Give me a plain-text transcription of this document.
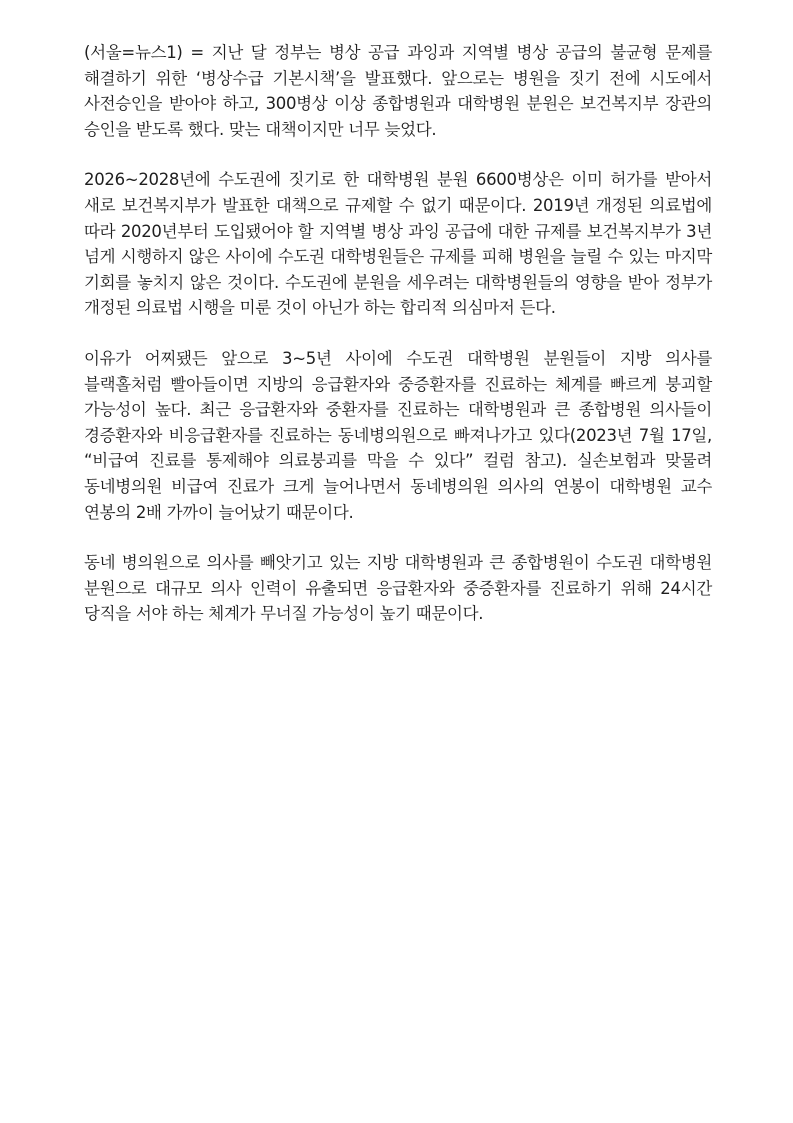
(서울=뉴스1) = 지난 달 정부는 병상 공급 과잉과 지역별 병상 공급의 불균형 문제를 해결하기 위한 ‘병상수급 기본시책’을 발표했다. 앞으로는 병원을 짓기 전에 시도에서 사전승인을 받아야 하고, 300병상 이상 종합병원과 대학병원 분원은 보건복지부 장관의 승인을 받도록 했다. 맞는 대책이지만 너무 늦었다.

2026~2028년에 수도권에 짓기로 한 대학병원 분원 6600병상은 이미 허가를 받아서 새로 보건복지부가 발표한 대책으로 규제할 수 없기 때문이다. 2019년 개정된 의료법에 따라 2020년부터 도입됐어야 할 지역별 병상 과잉 공급에 대한 규제를 보건복지부가 3년 넘게 시행하지 않은 사이에 수도권 대학병원들은 규제를 피해 병원을 늘릴 수 있는 마지막 기회를 놓치지 않은 것이다. 수도권에 분원을 세우려는 대학병원들의 영향을 받아 정부가 개정된 의료법 시행을 미룬 것이 아닌가 하는 합리적 의심마저 든다.

이유가 어찌됐든 앞으로 3~5년 사이에 수도권 대학병원 분원들이 지방 의사를 블랙홀처럼 빨아들이면 지방의 응급환자와 중증환자를 진료하는 체계를 빠르게 붕괴할 가능성이 높다. 최근 응급환자와 중환자를 진료하는 대학병원과 큰 종합병원 의사들이 경증환자와 비응급환자를 진료하는 동네병의원으로 빠져나가고 있다(2023년 7월 17일, “비급여 진료를 통제해야 의료붕괴를 막을 수 있다” 컬럼 참고). 실손보험과 맞물려 동네병의원 비급여 진료가 크게 늘어나면서 동네병의원 의사의 연봉이 대학병원 교수 연봉의 2배 가까이 늘어났기 때문이다.

동네 병의원으로 의사를 빼앗기고 있는 지방 대학병원과 큰 종합병원이 수도권 대학병원 분원으로 대규모 의사 인력이 유출되면 응급환자와 중증환자를 진료하기 위해 24시간 당직을 서야 하는 체계가 무너질 가능성이 높기 때문이다.
